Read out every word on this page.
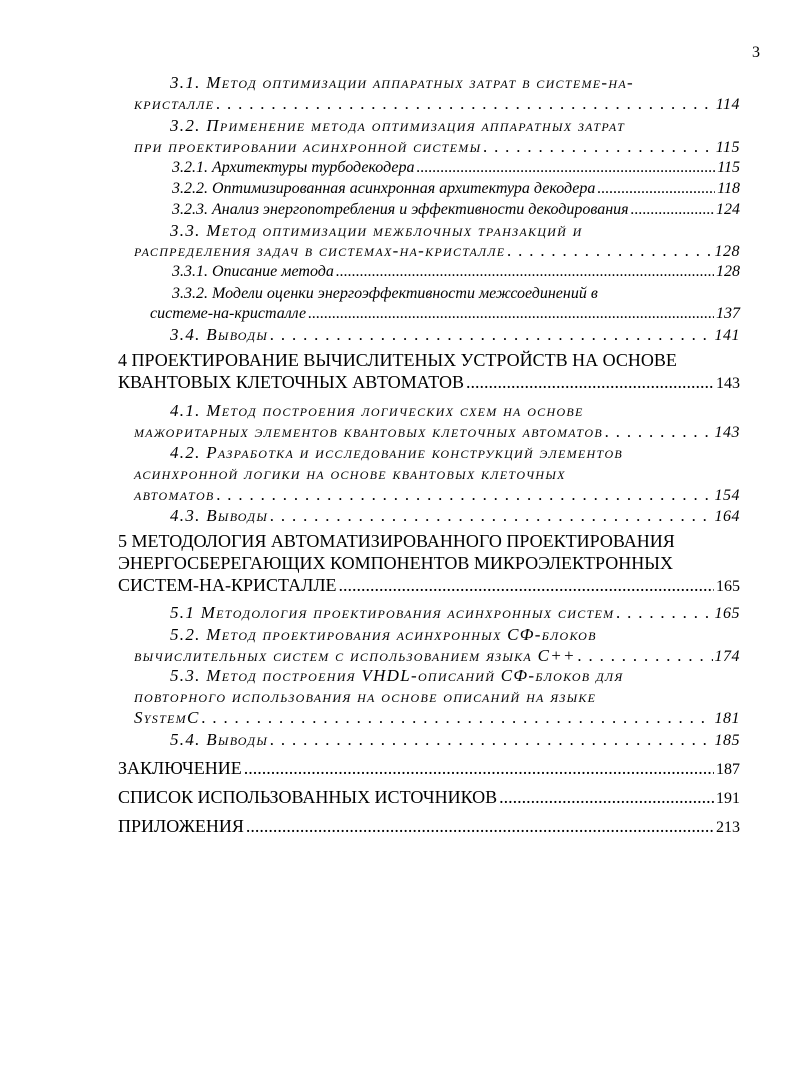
3
3.1. Метод оптимизации аппаратных затрат в системе-на-
кристалле . . .	114
3.2. Применение метода оптимизация аппаратных затрат
при проектировании асинхронной системы . . .	115
3.2.1. Архитектуры турбодекодера .....	115
3.2.2. Оптимизированная асинхронная архитектура декодера .....	118
3.2.3. Анализ энергопотребления и эффективности декодирования .....	124
3.3. Метод оптимизации межблочных транзакций и
распределения задач в системах-на-кристалле . . .	128
3.3.1. Описание метода .....	128
3.3.2. Модели оценки энергоэффективности межсоединений в
системе-на-кристалле .....	137
3.4. Выводы . . .	141
4 ПРОЕКТИРОВАНИЕ ВЫЧИСЛИТЕНЫХ УСТРОЙСТВ НА ОСНОВЕ
КВАНТОВЫХ КЛЕТОЧНЫХ АВТОМАТОВ .....	143
4.1. Метод построения логических схем на основе
мажоритарных элементов квантовых клеточных автоматов . . .	143
4.2. Разработка и исследование конструкций элементов
асинхронной логики на основе квантовых клеточных
автоматов . . .	154
4.3. Выводы . . .	164
5 МЕТОДОЛОГИЯ АВТОМАТИЗИРОВАННОГО ПРОЕКТИРОВАНИЯ
ЭНЕРГОСБЕРЕГАЮЩИХ КОМПОНЕНТОВ МИКРОЭЛЕКТРОННЫХ
СИСТЕМ-НА-КРИСТАЛЛЕ .....	165
5.1 Методология проектирования асинхронных систем . . .	165
5.2. Метод проектирования асинхронных СФ-блоков
вычислительных систем с использованием языка C++ . . .	174
5.3. Метод построения VHDL-описаний СФ-блоков для
повторного использования на основе описаний на языке
SystemC . . .	181
5.4. Выводы . . .	185
ЗАКЛЮЧЕНИЕ .....	187
СПИСОК ИСПОЛЬЗОВАННЫХ ИСТОЧНИКОВ .....	191
ПРИЛОЖЕНИЯ .....	213
